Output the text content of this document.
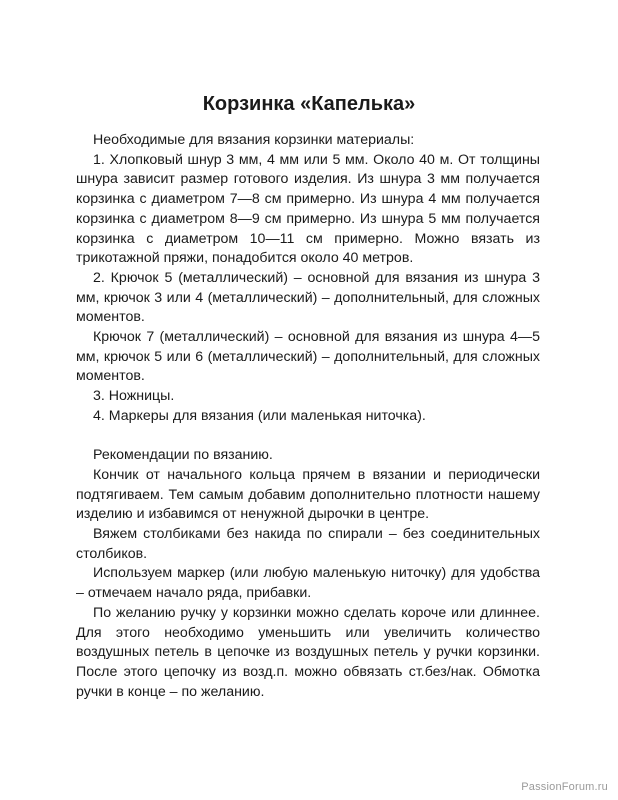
Корзинка «Капелька»

Необходимые для вязания корзинки материалы:

1. Хлопковый шнур 3 мм, 4 мм или 5 мм. Около 40 м. От толщины шнура зависит размер готового изделия. Из шнура 3 мм получается корзинка с диаметром 7—8 см примерно. Из шнура 4 мм получается корзинка с диаметром 8—9 см примерно. Из шнура 5 мм получается корзинка с диаметром 10—11 см примерно. Можно вязать из трикотажной пряжи, понадобится около 40 метров.

2. Крючок 5 (металлический) – основной для вязания из шнура 3 мм, крючок 3 или 4 (металлический) – дополнительный, для сложных моментов.

Крючок 7 (металлический) – основной для вязания из шнура 4—5 мм, крючок 5 или 6 (металлический) – дополнительный, для сложных моментов.

3. Ножницы.

4. Маркеры для вязания (или маленькая ниточка).

Рекомендации по вязанию.

Кончик от начального кольца прячем в вязании и периодически подтягиваем. Тем самым добавим дополнительно плотности нашему изделию и избавимся от ненужной дырочки в центре.

Вяжем столбиками без накида по спирали – без соединительных столбиков.

Используем маркер (или любую маленькую ниточку) для удобства – отмечаем начало ряда, прибавки.

По желанию ручку у корзинки можно сделать короче или длиннее. Для этого необходимо уменьшить или увеличить количество воздушных петель в цепочке из воздушных петель у ручки корзинки. После этого цепочку из возд.п. можно обвязать ст.без/нак. Обмотка ручки в конце – по желанию.

PassionForum.ru
